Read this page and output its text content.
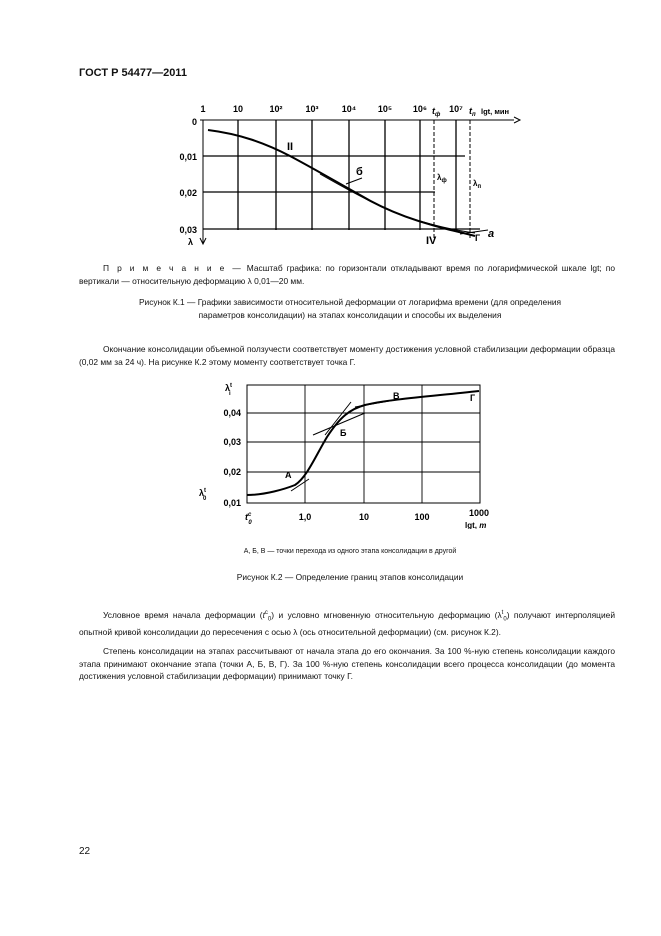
ГОСТ Р 54477—2011
1	10	10²	10³	10⁴ 10⁵ 10⁶ 10⁷
$t_ф$	$t_п$ lgt, мин
0
0,01
0,02
0,03
λ
$\lambda_ф$	$\lambda_п$
II
IV
б
а
Г
П р и м е ч а н и е — Масштаб графика: по горизонтали откладывают время по логарифмической шкале lgt; по вертикали — относительную деформацию λ 0,01—20 мм.
Рисунок К.1 — Графики зависимости относительной деформации от логарифма времени (для определения параметров консолидации) на этапах консолидации и способы их выделения
Окончание консолидации объемной ползучести соответствует моменту достижения условной стабилизации деформации образца (0,02 мм за 24 ч). На рисунке К.2 этому моменту соответствует точка Г.
$\lambda^t$ i
0,04
0,03
0,02
0,01
$\lambda^t$ 0
1,0	10	100	1000
$t^c$ 0	lgt, m
А
Б
В	Г
А, Б, В — точки перехода из одного этапа консолидации в другой
Рисунок К.2 — Определение границ этапов консолидации
Условное время начала деформации $(t^c_0)$ и условно мгновенную относительную деформацию $(\lambda^t_0)$ получают интерполяцией опытной кривой консолидации до пересечения с осью λ (ось относительной деформации) (см. рисунок К.2).
Степень консолидации на этапах рассчитывают от начала этапа до его окончания. За 100 %-ную степень консолидации каждого этапа принимают окончание этапа (точки А, Б, В, Г). За 100 %-ную степень консолидации всего процесса консолидации (до момента достижения условной стабилизации деформации) принимают точку Г.
22
